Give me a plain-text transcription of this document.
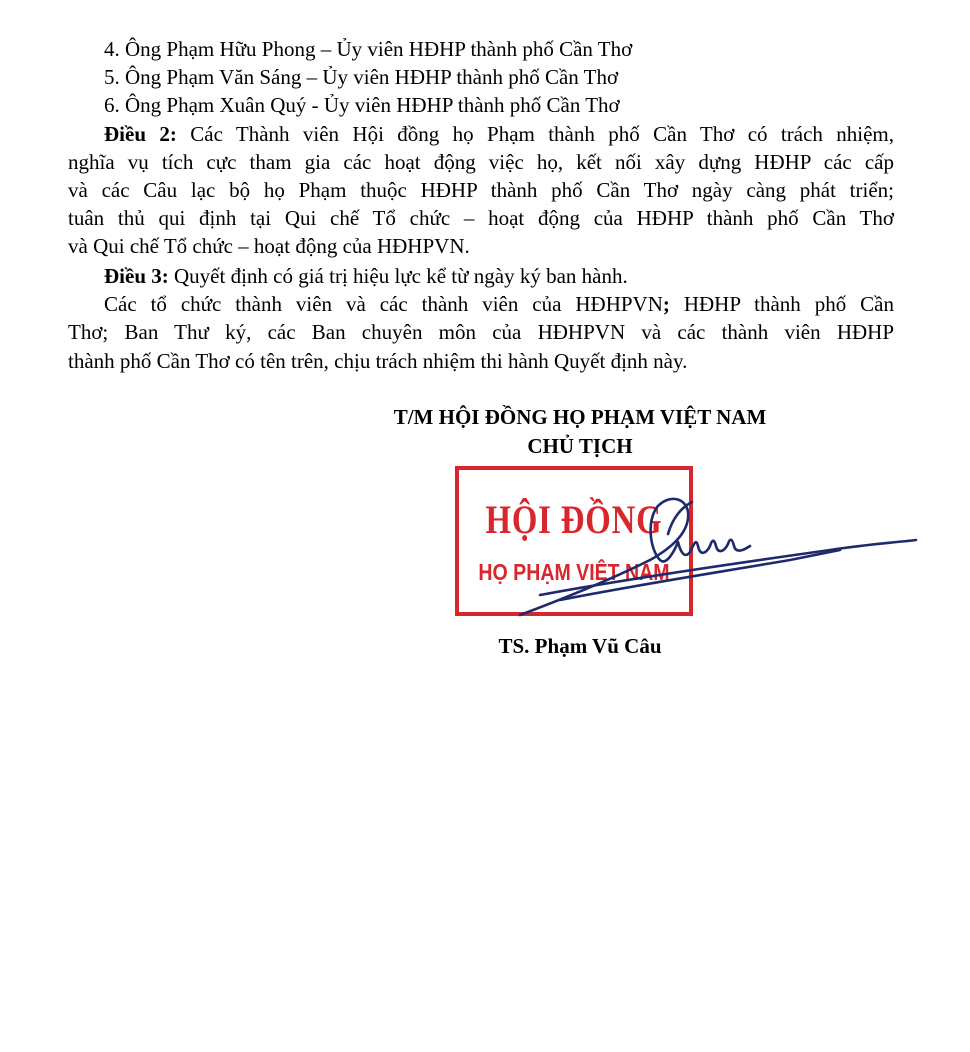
4. Ông Phạm Hữu Phong – Ủy viên HĐHP thành phố Cần Thơ
5. Ông Phạm Văn Sáng – Ủy viên HĐHP thành phố Cần Thơ
6. Ông Phạm Xuân Quý - Ủy viên HĐHP thành phố Cần Thơ
Điều 2: Các Thành viên Hội đồng họ Phạm thành phố Cần Thơ có trách nhiệm,
nghĩa vụ tích cực tham gia các hoạt động việc họ, kết nối xây dựng HĐHP các cấp
và các Câu lạc bộ họ Phạm thuộc HĐHP thành phố Cần Thơ ngày càng phát triển;
tuân thủ qui định tại Qui chế Tổ chức – hoạt động của HĐHP thành phố Cần Thơ
và Qui chế Tổ chức – hoạt động của HĐHPVN.
Điều 3: Quyết định có giá trị hiệu lực kể từ ngày ký ban hành.
Các tổ chức thành viên và các thành viên của HĐHPVN; HĐHP thành phố Cần
Thơ; Ban Thư ký, các Ban chuyên môn của HĐHPVN và các thành viên HĐHP
thành phố Cần Thơ có tên trên, chịu trách nhiệm thi hành Quyết định này.
T/M HỘI ĐỒNG HỌ PHẠM VIỆT NAM
CHỦ TỊCH
HỘI ĐỒNG
HỌ PHẠM VIỆT NAM
TS. Phạm Vũ Câu
